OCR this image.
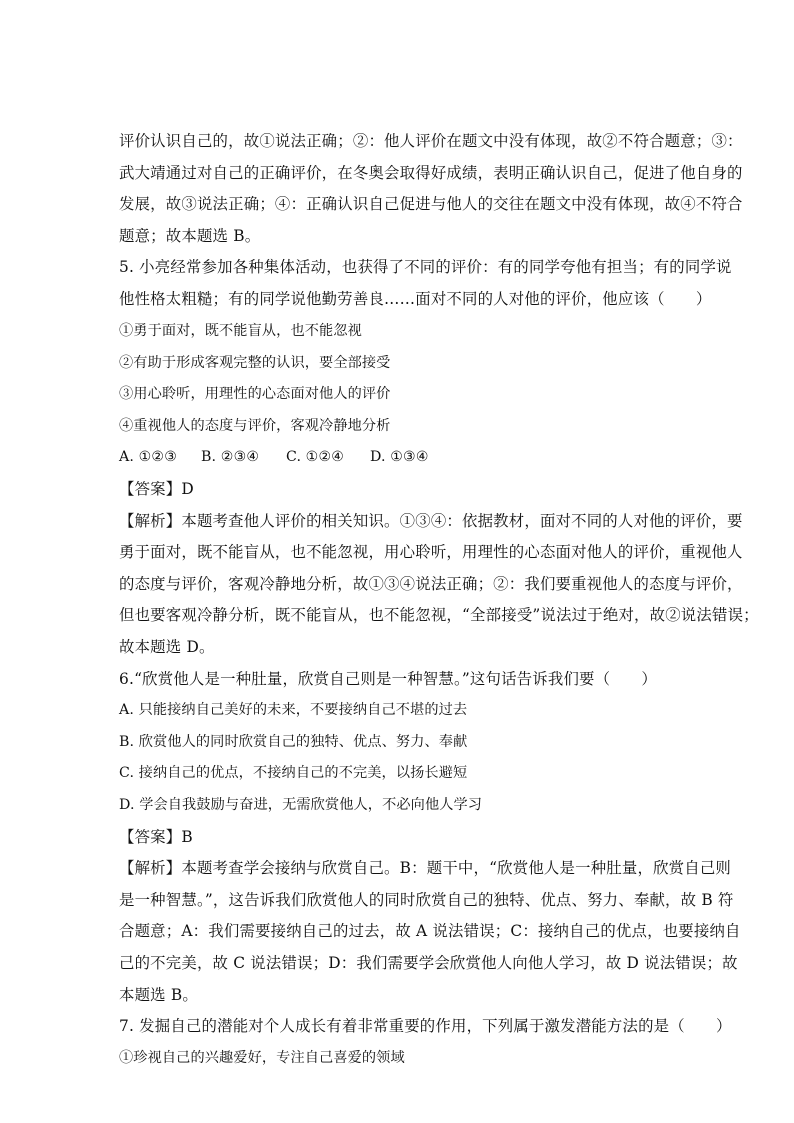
评价认识自己的，故①说法正确；②：他人评价在题文中没有体现，故②不符合题意；③：
武大靖通过对自己的正确评价，在冬奥会取得好成绩，表明正确认识自己，促进了他自身的
发展，故③说法正确；④：正确认识自己促进与他人的交往在题文中没有体现，故④不符合
题意；故本题选 B。
5. 小亮经常参加各种集体活动，也获得了不同的评价：有的同学夸他有担当；有的同学说
他性格太粗糙；有的同学说他勤劳善良……面对不同的人对他的评价，他应该（　　）
①勇于面对，既不能盲从，也不能忽视
②有助于形成客观完整的认识，要全部接受
③用心聆听，用理性的心态面对他人的评价
④重视他人的态度与评价，客观冷静地分析
A. ①②③ B. ②③④ C. ①②④ D. ①③④
【答案】D
【解析】本题考查他人评价的相关知识。①③④：依据教材，面对不同的人对他的评价，要
勇于面对，既不能盲从，也不能忽视，用心聆听，用理性的心态面对他人的评价，重视他人
的态度与评价，客观冷静地分析，故①③④说法正确；②：我们要重视他人的态度与评价，
但也要客观冷静分析，既不能盲从，也不能忽视，“全部接受”说法过于绝对，故②说法错误；
故本题选 D。
6.“欣赏他人是一种肚量，欣赏自己则是一种智慧。”这句话告诉我们要（　　）
A. 只能接纳自己美好的未来，不要接纳自己不堪的过去
B. 欣赏他人的同时欣赏自己的独特、优点、努力、奉献
C. 接纳自己的优点，不接纳自己的不完美，以扬长避短
D. 学会自我鼓励与奋进，无需欣赏他人，不必向他人学习
【答案】B
【解析】本题考查学会接纳与欣赏自己。B：题干中，“欣赏他人是一种肚量，欣赏自己则
是一种智慧。”，这告诉我们欣赏他人的同时欣赏自己的独特、优点、努力、奉献，故 B 符
合题意；A：我们需要接纳自己的过去，故 A 说法错误；C：接纳自己的优点，也要接纳自
己的不完美，故 C 说法错误；D：我们需要学会欣赏他人向他人学习，故 D 说法错误；故
本题选 B。
7. 发掘自己的潜能对个人成长有着非常重要的作用，下列属于激发潜能方法的是（　　）
①珍视自己的兴趣爱好，专注自己喜爱的领域
